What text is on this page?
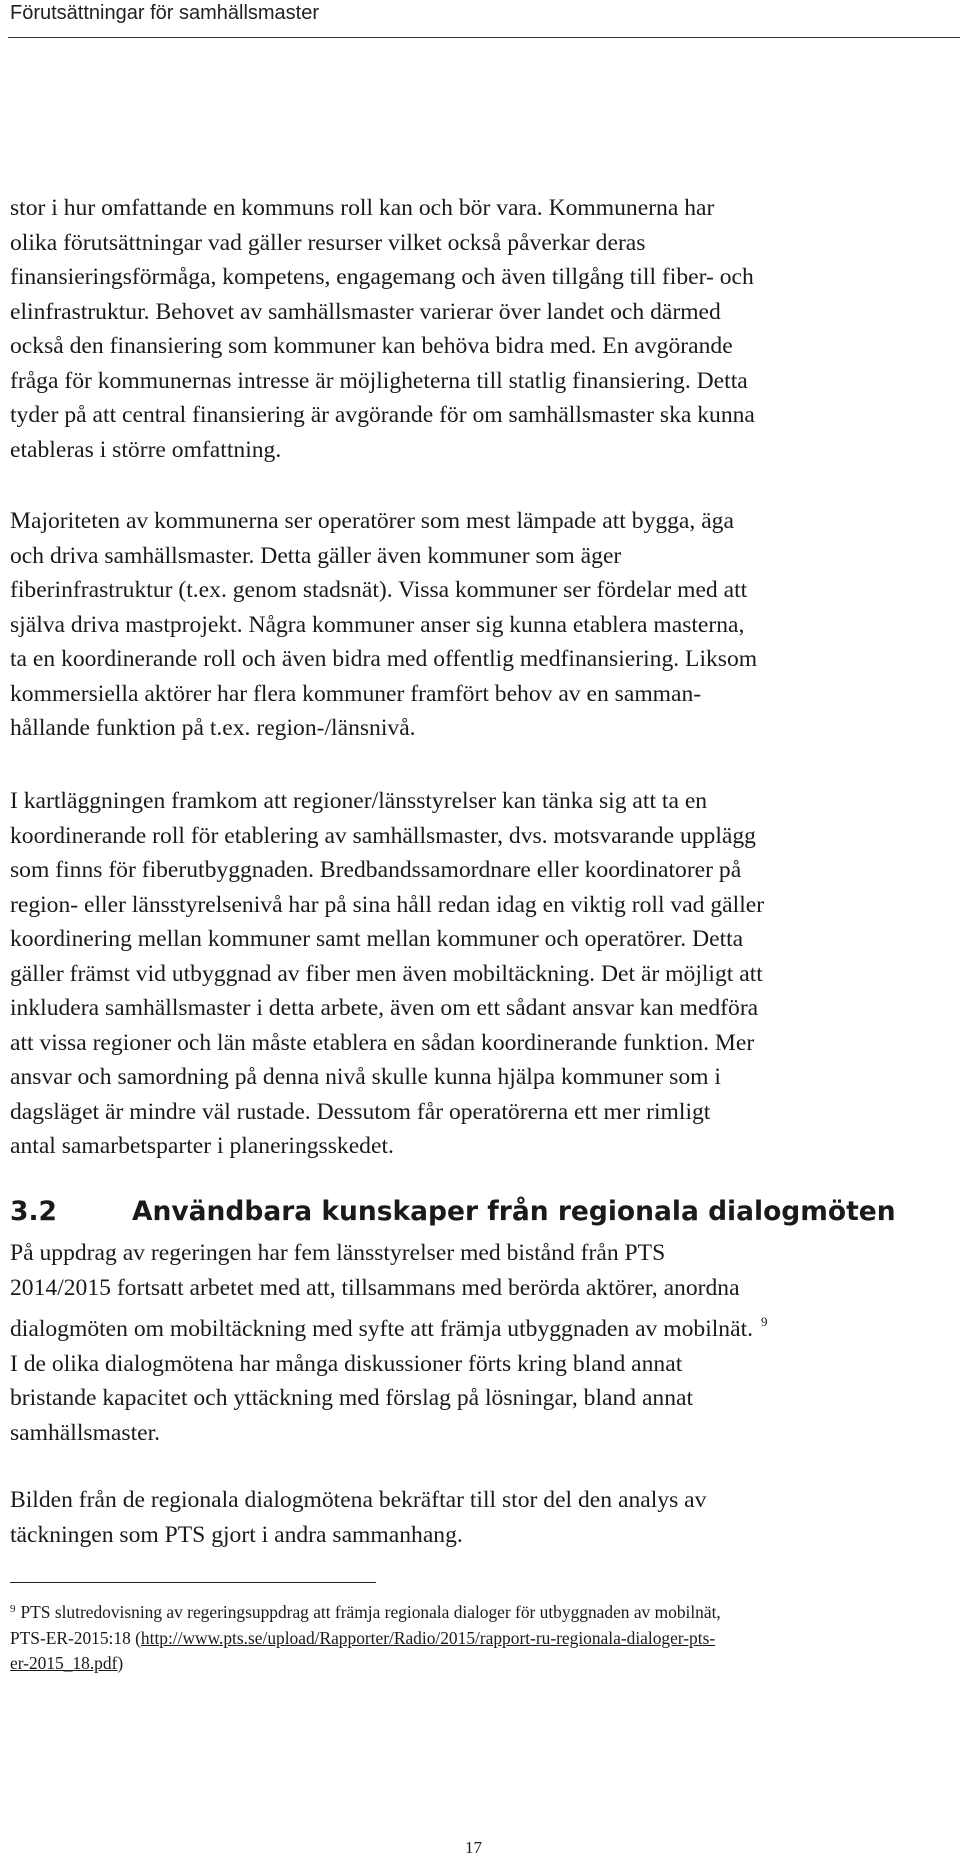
Förutsättningar för samhällsmaster

stor i hur omfattande en kommuns roll kan och bör vara. Kommunerna har
olika förutsättningar vad gäller resurser vilket också påverkar deras
finansieringsförmåga, kompetens, engagemang och även tillgång till fiber- och
elinfrastruktur. Behovet av samhällsmaster varierar över landet och därmed
också den finansiering som kommuner kan behöva bidra med. En avgörande
fråga för kommunernas intresse är möjligheterna till statlig finansiering. Detta
tyder på att central finansiering är avgörande för om samhällsmaster ska kunna
etableras i större omfattning.

Majoriteten av kommunerna ser operatörer som mest lämpade att bygga, äga
och driva samhällsmaster. Detta gäller även kommuner som äger
fiberinfrastruktur (t.ex. genom stadsnät). Vissa kommuner ser fördelar med att
själva driva mastprojekt. Några kommuner anser sig kunna etablera masterna,
ta en koordinerande roll och även bidra med offentlig medfinansiering. Liksom
kommersiella aktörer har flera kommuner framfört behov av en samman-
hållande funktion på t.ex. region-/länsnivå.

I kartläggningen framkom att regioner/länsstyrelser kan tänka sig att ta en
koordinerande roll för etablering av samhällsmaster, dvs. motsvarande upplägg
som finns för fiberutbyggnaden. Bredbandssamordnare eller koordinatorer på
region- eller länsstyrelsenivå har på sina håll redan idag en viktig roll vad gäller
koordinering mellan kommuner samt mellan kommuner och operatörer. Detta
gäller främst vid utbyggnad av fiber men även mobiltäckning. Det är möjligt att
inkludera samhällsmaster i detta arbete, även om ett sådant ansvar kan medföra
att vissa regioner och län måste etablera en sådan koordinerande funktion. Mer
ansvar och samordning på denna nivå skulle kunna hjälpa kommuner som i
dagsläget är mindre väl rustade. Dessutom får operatörerna ett mer rimligt
antal samarbetsparter i planeringsskedet.

3.2	Användbara kunskaper från regionala dialogmöten

På uppdrag av regeringen har fem länsstyrelser med bistånd från PTS
2014/2015 fortsatt arbetet med att, tillsammans med berörda aktörer, anordna
dialogmöten om mobiltäckning med syfte att främja utbyggnaden av mobilnät. $^9$
I de olika dialogmötena har många diskussioner förts kring bland annat
bristande kapacitet och yttäckning med förslag på lösningar, bland annat
samhällsmaster.

Bilden från de regionala dialogmötena bekräftar till stor del den analys av
täckningen som PTS gjort i andra sammanhang.

$^9$ PTS slutredovisning av regeringsuppdrag att främja regionala dialoger för utbyggnaden av mobilnät,
PTS-ER-2015:18 (http://www.pts.se/upload/Rapporter/Radio/2015/rapport-ru-regionala-dialoger-pts-
er-2015_18.pdf)
17
